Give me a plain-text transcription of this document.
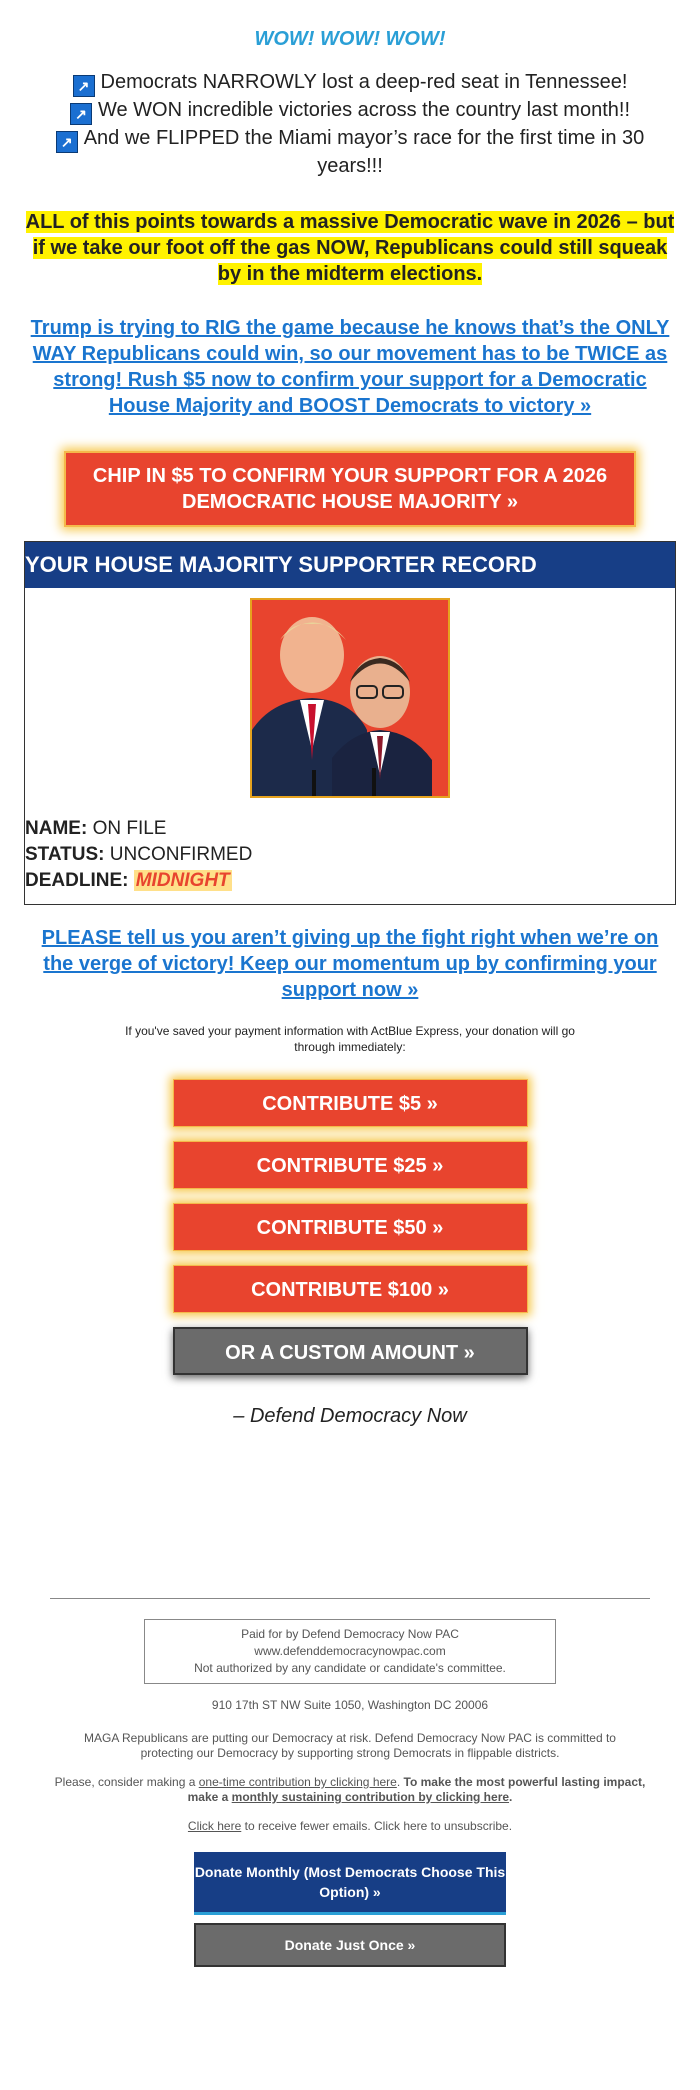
WOW! WOW! WOW!
↗ Democrats NARROWLY lost a deep-red seat in Tennessee!
↗ We WON incredible victories across the country last month!!
↗ And we FLIPPED the Miami mayor’s race for the first time in 30 years!!!
ALL of this points towards a massive Democratic wave in 2026 – but if we take our foot off the gas NOW, Republicans could still squeak by in the midterm elections.
Trump is trying to RIG the game because he knows that’s the ONLY WAY Republicans could win, so our movement has to be TWICE as strong! Rush $5 now to confirm your support for a Democratic House Majority and BOOST Democrats to victory »
CHIP IN $5 TO CONFIRM YOUR SUPPORT FOR A 2026 DEMOCRATIC HOUSE MAJORITY »
YOUR HOUSE MAJORITY SUPPORTER RECORD
NAME: ON FILE
STATUS: UNCONFIRMED
DEADLINE: MIDNIGHT
PLEASE tell us you aren’t giving up the fight right when we’re on the verge of victory! Keep our momentum up by confirming your support now »
If you've saved your payment information with ActBlue Express, your donation will go through immediately:
CONTRIBUTE $5 »
CONTRIBUTE $25 »
CONTRIBUTE $50 »
CONTRIBUTE $100 »
OR A CUSTOM AMOUNT »
– Defend Democracy Now
Paid for by Defend Democracy Now PAC
www.defenddemocracynowpac.com
Not authorized by any candidate or candidate's committee.
910 17th ST NW Suite 1050, Washington DC 20006
MAGA Republicans are putting our Democracy at risk. Defend Democracy Now PAC is committed to protecting our Democracy by supporting strong Democrats in flippable districts.
Please, consider making a one-time contribution by clicking here. To make the most powerful lasting impact, make a monthly sustaining contribution by clicking here.
Click here to receive fewer emails. Click here to unsubscribe.
Donate Monthly (Most Democrats Choose This Option) »
Donate Just Once »
